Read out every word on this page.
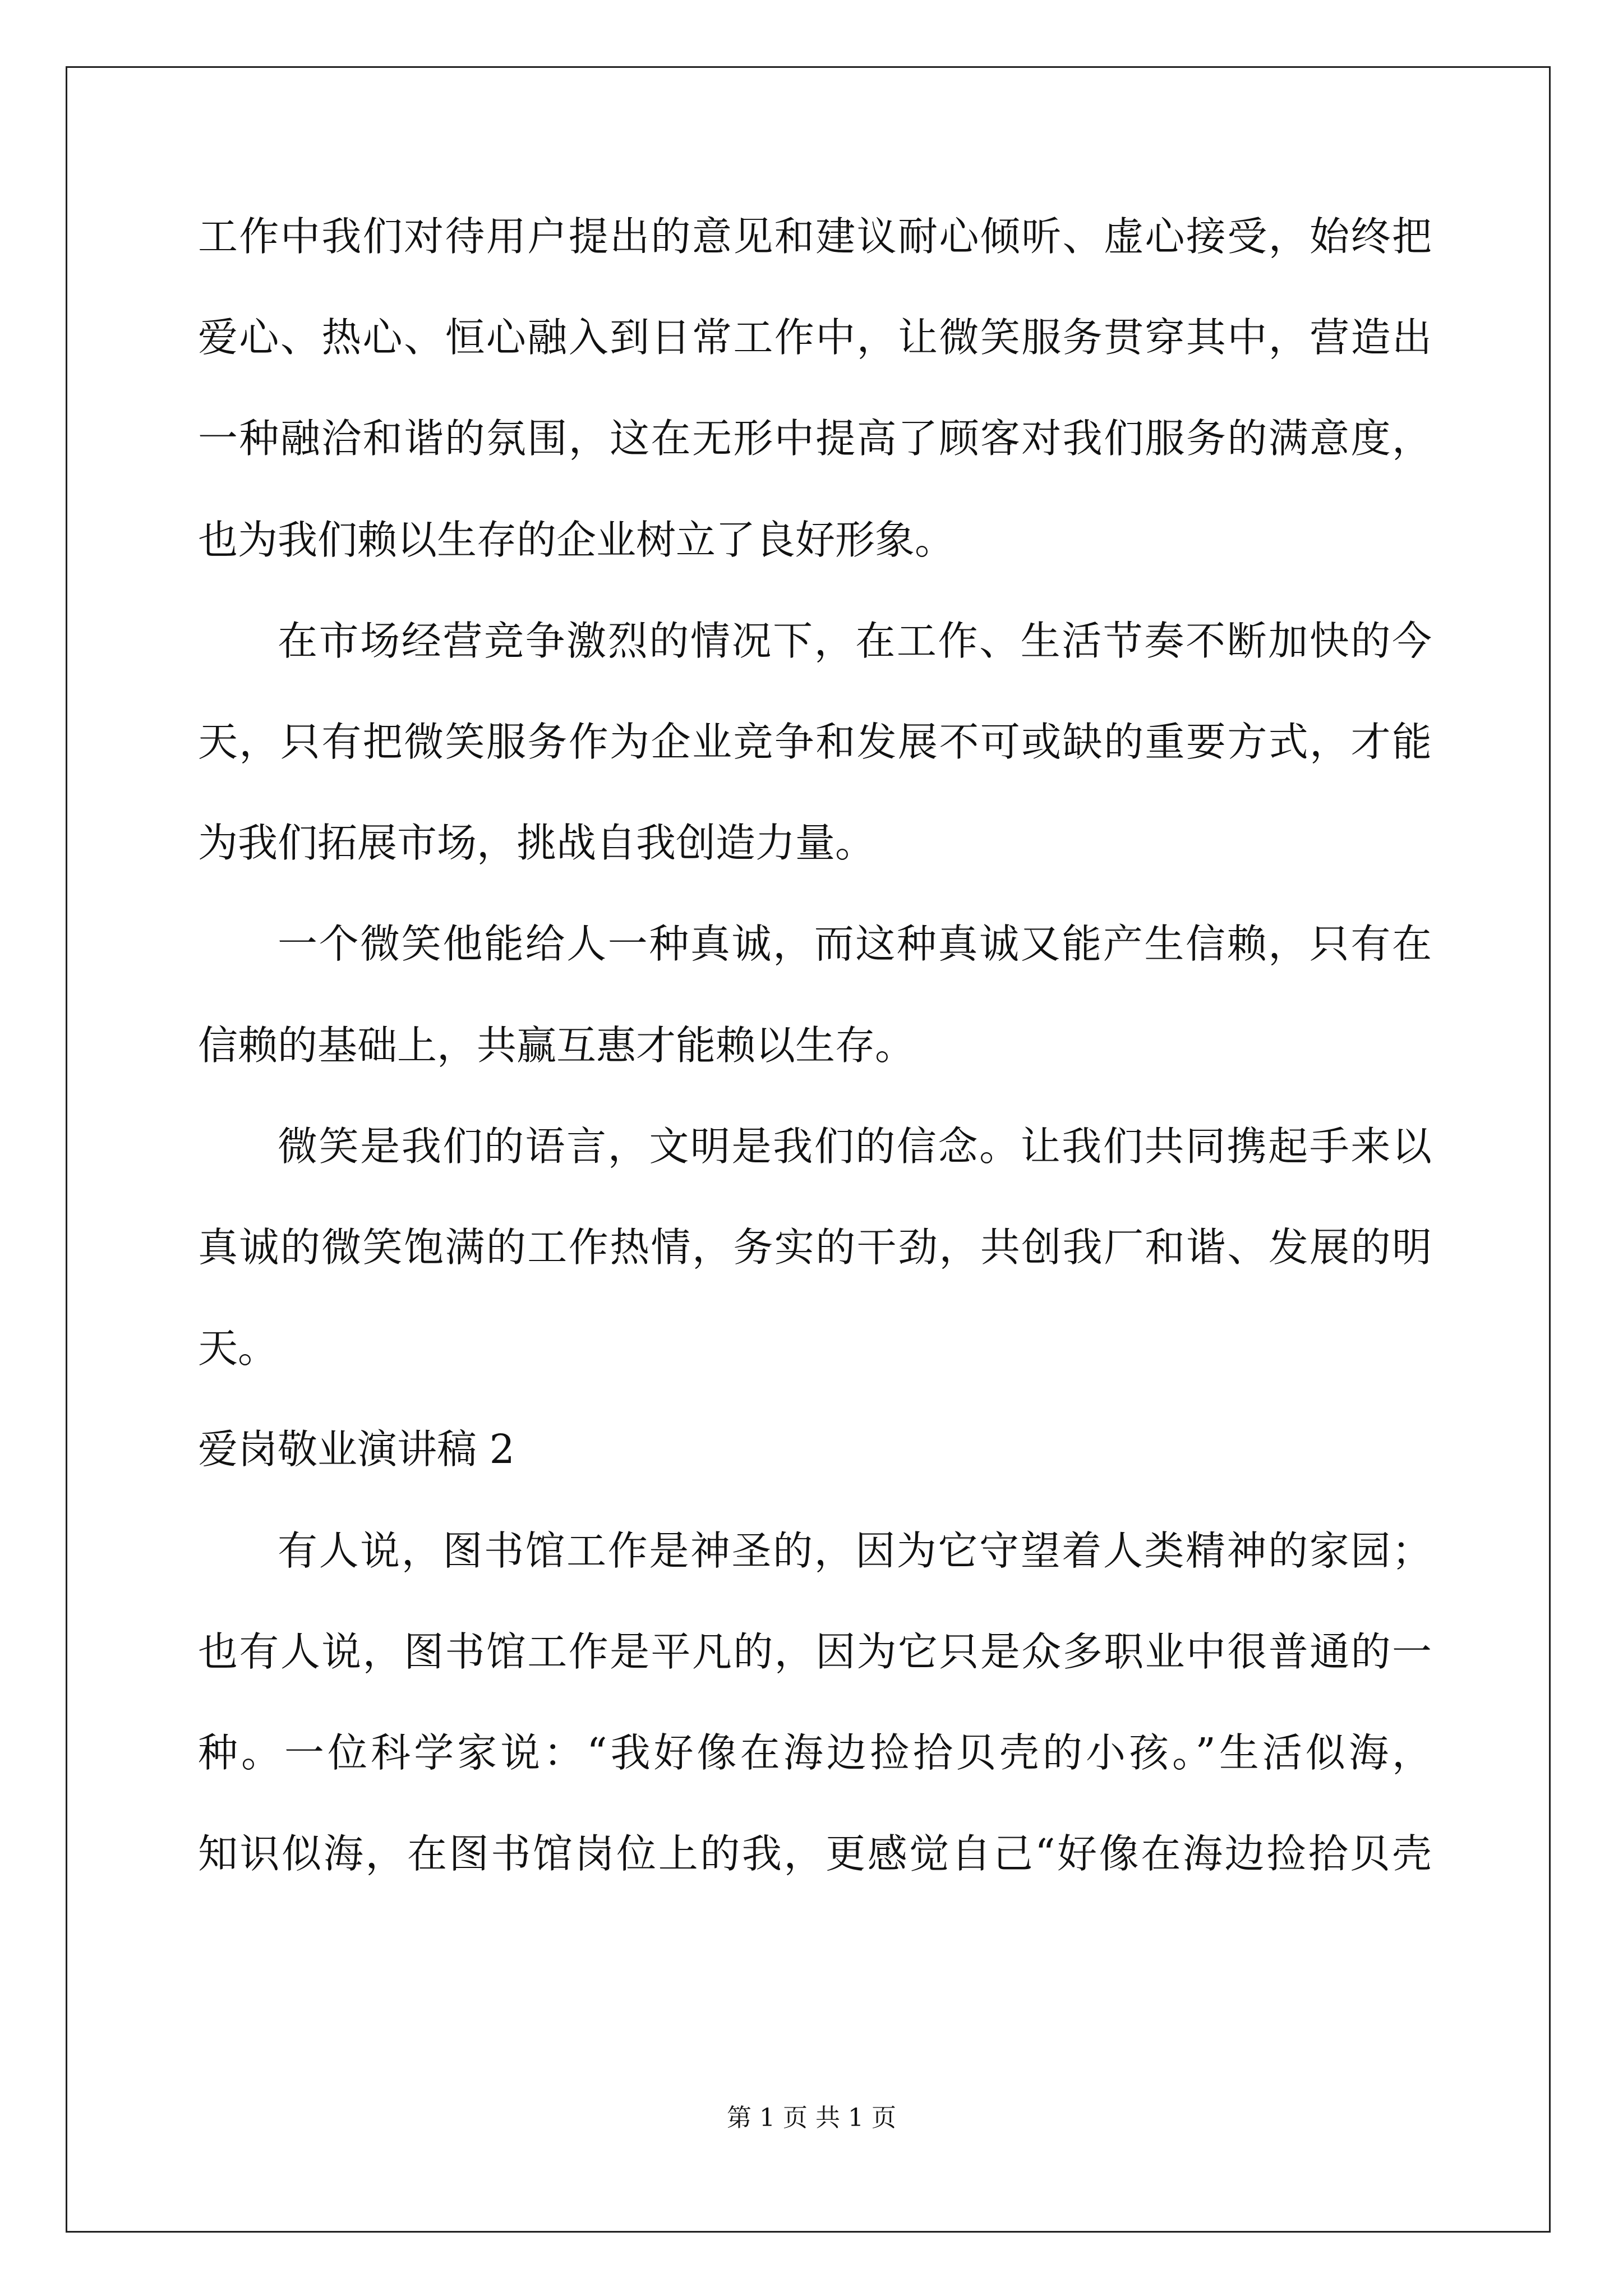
工作中我们对待用户提出的意见和建议耐心倾听、虚心接受，始终把
爱心、热心、恒心融入到日常工作中，让微笑服务贯穿其中，营造出
一种融洽和谐的氛围，这在无形中提高了顾客对我们服务的满意度，
也为我们赖以生存的企业树立了良好形象。
在市场经营竞争激烈的情况下，在工作、生活节奏不断加快的今
天，只有把微笑服务作为企业竞争和发展不可或缺的重要方式，才能
为我们拓展市场，挑战自我创造力量。
一个微笑他能给人一种真诚，而这种真诚又能产生信赖，只有在
信赖的基础上，共赢互惠才能赖以生存。
微笑是我们的语言，文明是我们的信念。让我们共同携起手来以
真诚的微笑饱满的工作热情，务实的干劲，共创我厂和谐、发展的明
天。
爱岗敬业演讲稿 2
有人说，图书馆工作是神圣的，因为它守望着人类精神的家园；
也有人说，图书馆工作是平凡的，因为它只是众多职业中很普通的一
种。一位科学家说：“我好像在海边捡拾贝壳的小孩。”生活似海，
知识似海，在图书馆岗位上的我，更感觉自己“好像在海边捡拾贝壳
第 1 页 共 1 页
